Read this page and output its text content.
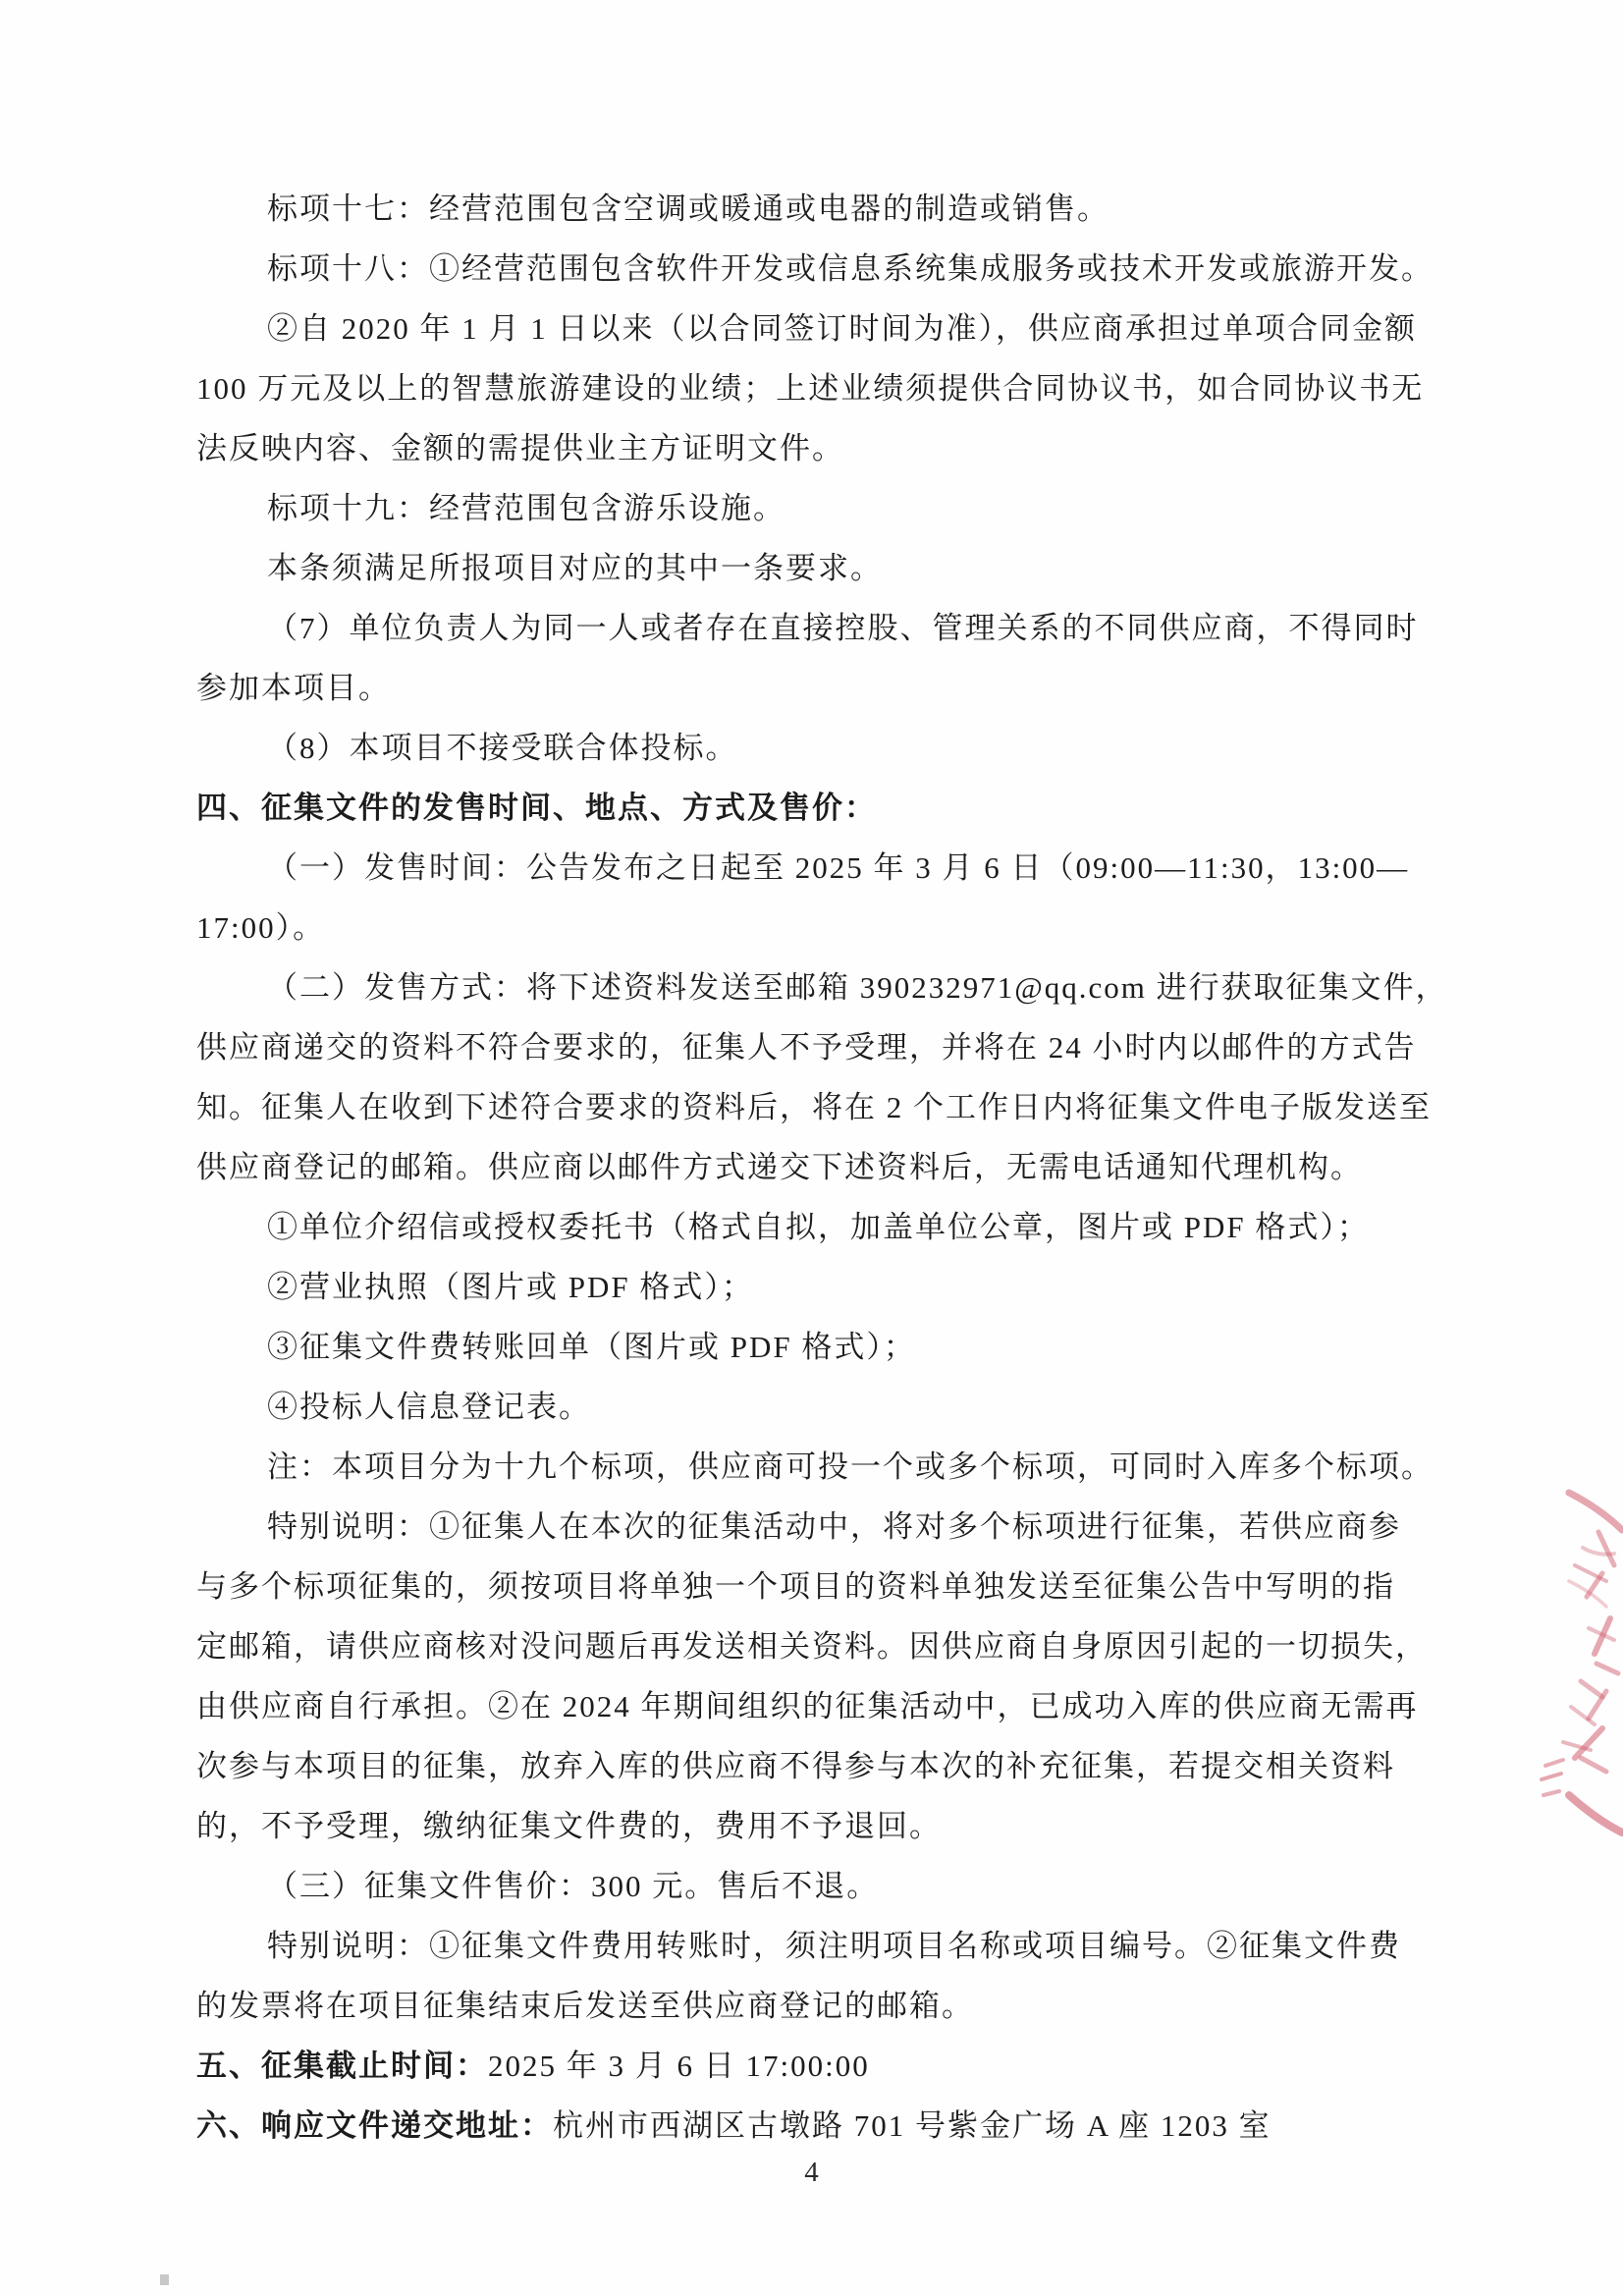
标项十七：经营范围包含空调或暖通或电器的制造或销售。

标项十八：①经营范围包含软件开发或信息系统集成服务或技术开发或旅游开发。

②自 2020 年 1 月 1 日以来（以合同签订时间为准），供应商承担过单项合同金额

100 万元及以上的智慧旅游建设的业绩；上述业绩须提供合同协议书，如合同协议书无

法反映内容、金额的需提供业主方证明文件。

标项十九：经营范围包含游乐设施。

本条须满足所报项目对应的其中一条要求。

（7）单位负责人为同一人或者存在直接控股、管理关系的不同供应商，不得同时

参加本项目。

（8）本项目不接受联合体投标。

四、征集文件的发售时间、地点、方式及售价：

（一）发售时间：公告发布之日起至 2025 年 3 月 6 日（09:00—11:30，13:00—

17:00）。

（二）发售方式：将下述资料发送至邮箱 390232971@qq.com 进行获取征集文件，

供应商递交的资料不符合要求的，征集人不予受理，并将在 24 小时内以邮件的方式告

知。征集人在收到下述符合要求的资料后，将在 2 个工作日内将征集文件电子版发送至

供应商登记的邮箱。供应商以邮件方式递交下述资料后，无需电话通知代理机构。

①单位介绍信或授权委托书（格式自拟，加盖单位公章，图片或 PDF 格式）；

②营业执照（图片或 PDF 格式）；

③征集文件费转账回单（图片或 PDF 格式）；

④投标人信息登记表。

注：本项目分为十九个标项，供应商可投一个或多个标项，可同时入库多个标项。

特别说明：①征集人在本次的征集活动中，将对多个标项进行征集，若供应商参

与多个标项征集的，须按项目将单独一个项目的资料单独发送至征集公告中写明的指

定邮箱，请供应商核对没问题后再发送相关资料。因供应商自身原因引起的一切损失，

由供应商自行承担。②在 2024 年期间组织的征集活动中，已成功入库的供应商无需再

次参与本项目的征集，放弃入库的供应商不得参与本次的补充征集，若提交相关资料

的，不予受理，缴纳征集文件费的，费用不予退回。

（三）征集文件售价：300 元。售后不退。

特别说明：①征集文件费用转账时，须注明项目名称或项目编号。②征集文件费

的发票将在项目征集结束后发送至供应商登记的邮箱。

五、征集截止时间：2025 年 3 月 6 日 17:00:00

六、响应文件递交地址：杭州市西湖区古墩路 701 号紫金广场 A 座 1203 室

4
